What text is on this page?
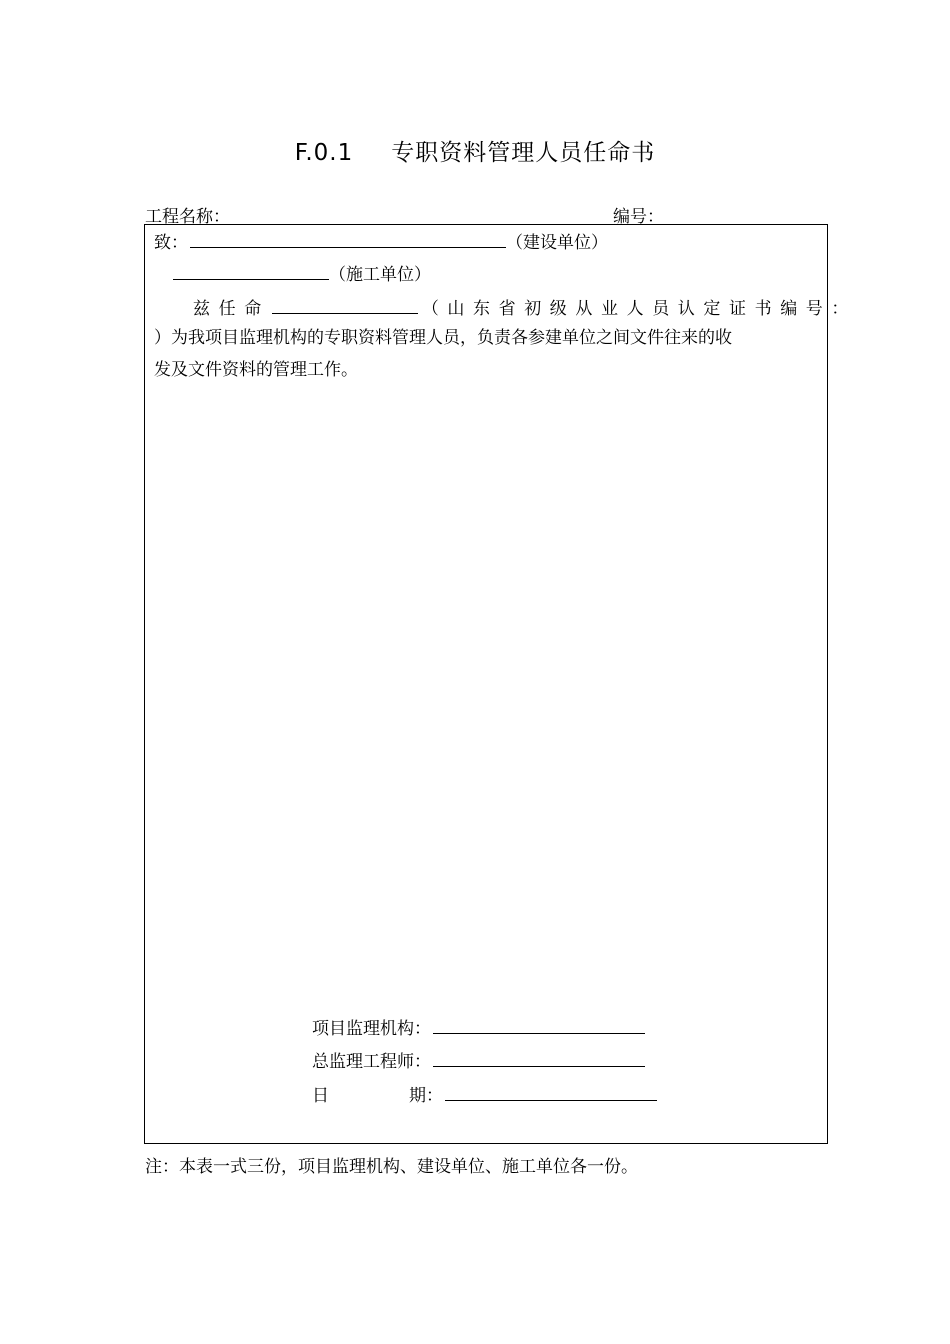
F.0.1 专职资料管理人员任命书
工程名称：	编号：
致：	（建设单位）
（施工单位）
兹任命	（山东省初级从业人员认定证书编号：
）为我项目监理机构的专职资料管理人员，负责各参建单位之间文件往来的收
发及文件资料的管理工作。
项目监理机构：
总监理工程师：
日	期：
注：本表一式三份，项目监理机构、建设单位、施工单位各一份。
